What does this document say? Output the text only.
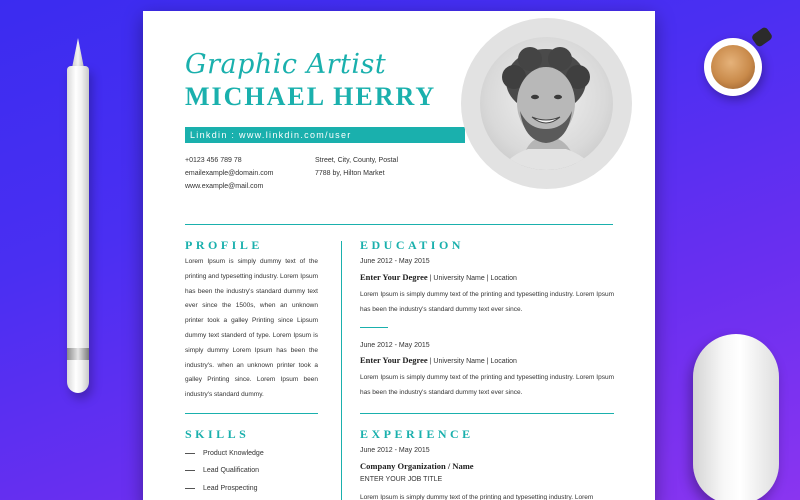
Graphic Artist
MICHAEL HERRY
Linkdin : www.linkdin.com/user
+0123 456 789 78
emailexample@domain.com
www.example@mail.com
Street, City, County, Postal
7788 by, Hilton Market
PROFILE
Lorem Ipsum is simply dummy text of the printing and typesetting industry. Lorem Ipsum has been the industry's standard dummy text ever since the 1500s, when an unknown printer took a galley Printing since Lipsum dummy text standerd of type. Lorem Ipsum is simply dummy Lorem Ipsum has been the industry's. when an unknown printer took a galley Printing since. Lorem Ipsum been industry's standard dummy.
SKILLS
Product Knowledge
Lead Qualification
Lead Prospecting
EDUCATION
June 2012 - May 2015
Enter Your Degree | University Name | Location
Lorem Ipsum is simply dummy text of the printing and typesetting industry. Lorem Ipsum has been the industry's standard dummy text ever since.
June 2012 - May 2015
Enter Your Degree | University Name | Location
Lorem Ipsum is simply dummy text of the printing and typesetting industry. Lorem Ipsum has been the industry's standard dummy text ever since.
EXPERIENCE
June 2012 - May 2015
Company Organization / Name
ENTER YOUR JOB TITLE
Lorem Ipsum is simply dummy text of the printing and typesetting industry. Lorem
